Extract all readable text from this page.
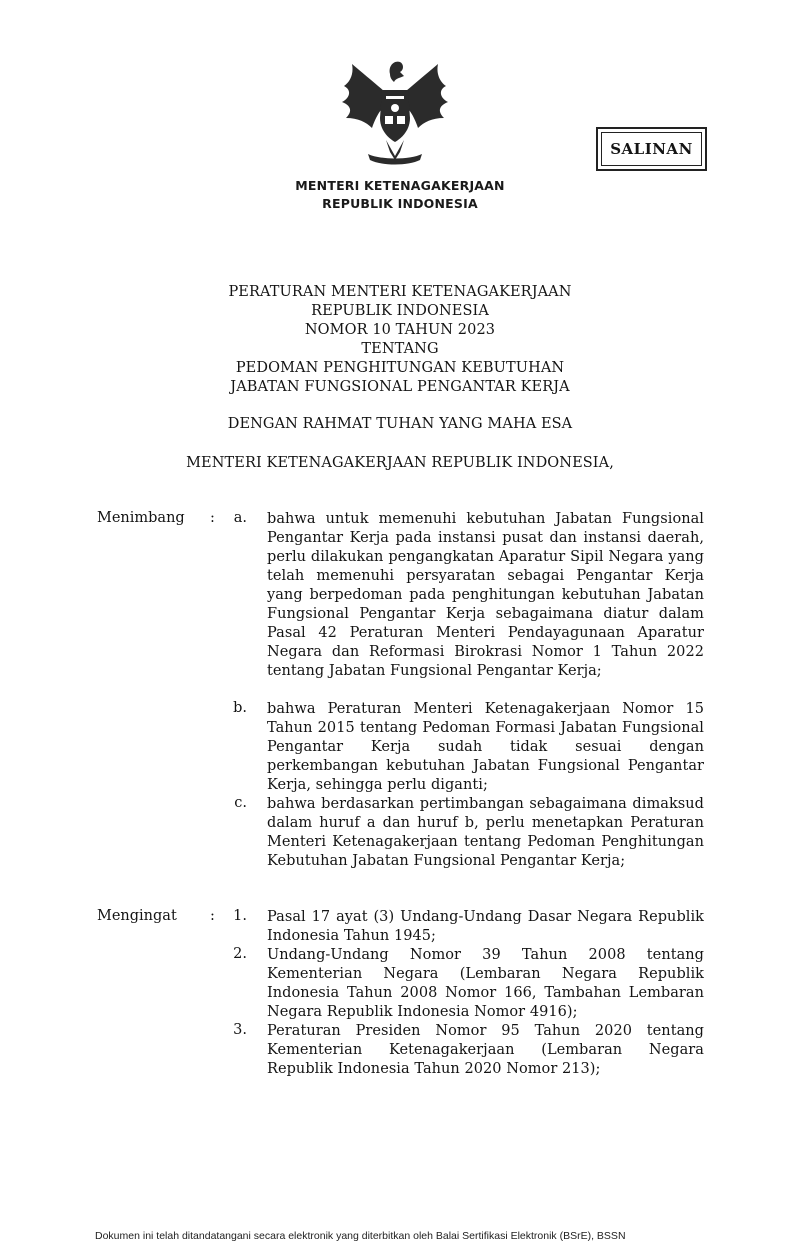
MENTERI KETENAGAKERJAAN
REPUBLIK INDONESIA
SALINAN
PERATURAN MENTERI KETENAGAKERJAAN
REPUBLIK INDONESIA
NOMOR 10 TAHUN 2023
TENTANG
PEDOMAN PENGHITUNGAN KEBUTUHAN
JABATAN FUNGSIONAL PENGANTAR KERJA
DENGAN RAHMAT TUHAN YANG MAHA ESA
MENTERI KETENAGAKERJAAN REPUBLIK INDONESIA,
Menimbang :	a. bahwa untuk memenuhi kebutuhan Jabatan Fungsional Pengantar Kerja pada instansi pusat dan instansi daerah, perlu dilakukan pengangkatan Aparatur Sipil Negara yang telah memenuhi persyaratan sebagai Pengantar Kerja yang berpedoman pada penghitungan kebutuhan Jabatan Fungsional Pengantar Kerja sebagaimana diatur dalam Pasal 42 Peraturan Menteri Pendayagunaan Aparatur Negara dan Reformasi Birokrasi Nomor 1 Tahun 2022 tentang Jabatan Fungsional Pengantar Kerja;
b. bahwa Peraturan Menteri Ketenagakerjaan Nomor 15 Tahun 2015 tentang Pedoman Formasi Jabatan Fungsional Pengantar Kerja sudah tidak sesuai dengan perkembangan kebutuhan Jabatan Fungsional Pengantar Kerja, sehingga perlu diganti;
c. bahwa berdasarkan pertimbangan sebagaimana dimaksud dalam huruf a dan huruf b, perlu menetapkan Peraturan Menteri Ketenagakerjaan tentang Pedoman Penghitungan Kebutuhan Jabatan Fungsional Pengantar Kerja;
Mengingat :	1. Pasal 17 ayat (3) Undang-Undang Dasar Negara Republik Indonesia Tahun 1945;
2. Undang-Undang Nomor 39 Tahun 2008 tentang Kementerian Negara (Lembaran Negara Republik Indonesia Tahun 2008 Nomor 166, Tambahan Lembaran Negara Republik Indonesia Nomor 4916);
3. Peraturan Presiden Nomor 95 Tahun 2020 tentang Kementerian Ketenagakerjaan (Lembaran Negara Republik Indonesia Tahun 2020 Nomor 213);
Dokumen ini telah ditandatangani secara elektronik yang diterbitkan oleh Balai Sertifikasi Elektronik (BSrE), BSSN
